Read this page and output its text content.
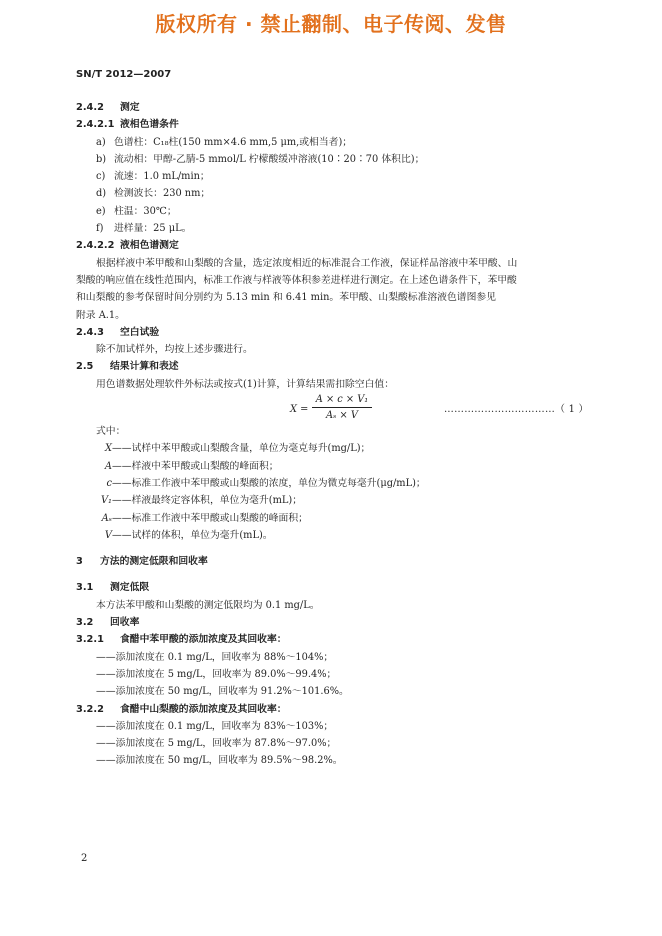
版权所有 · 禁止翻制、电子传阅、发售
SN/T 2012—2007
2.4.2 测定
2.4.2.1 液相色谱条件
a) 色谱柱：C₁₈柱(150 mm×4.6 mm,5 μm,或相当者)；
b) 流动相：甲醇-乙腈-5 mmol/L 柠檬酸缓冲溶液(10∶20∶70 体积比)；
c) 流速：1.0 mL/min；
d) 检测波长：230 nm；
e) 柱温：30℃；
f) 进样量：25 μL。
2.4.2.2 液相色谱测定
根据样液中苯甲酸和山梨酸的含量，选定浓度相近的标准混合工作液，保证样品溶液中苯甲酸、山
梨酸的响应值在线性范围内，标准工作液与样液等体积参差进样进行测定。在上述色谱条件下，苯甲酸
和山梨酸的参考保留时间分别约为 5.13 min 和 6.41 min。苯甲酸、山梨酸标准溶液色谱图参见
附录 A.1。
2.4.3 空白试验
除不加试样外，均按上述步骤进行。
2.5 结果计算和表述
用色谱数据处理软件外标法或按式(1)计算，计算结果需扣除空白值：
X =
A × c × V₁
Aₛ × V
……………………………（ 1 ）
式中：
X——试样中苯甲酸或山梨酸含量，单位为毫克每升(mg/L)；
A——样液中苯甲酸或山梨酸的峰面积；
c——标准工作液中苯甲酸或山梨酸的浓度，单位为微克每毫升(μg/mL)；
V₁——样液最终定容体积，单位为毫升(mL)；
Aₛ——标准工作液中苯甲酸或山梨酸的峰面积；
V——试样的体积，单位为毫升(mL)。
3 方法的测定低限和回收率
3.1 测定低限
本方法苯甲酸和山梨酸的测定低限均为 0.1 mg/L。
3.2 回收率
3.2.1 食醋中苯甲酸的添加浓度及其回收率：
——添加浓度在 0.1 mg/L，回收率为 88%～104%；
——添加浓度在 5 mg/L，回收率为 89.0%～99.4%；
——添加浓度在 50 mg/L，回收率为 91.2%～101.6%。
3.2.2 食醋中山梨酸的添加浓度及其回收率：
——添加浓度在 0.1 mg/L，回收率为 83%～103%；
——添加浓度在 5 mg/L，回收率为 87.8%～97.0%；
——添加浓度在 50 mg/L，回收率为 89.5%～98.2%。
2
